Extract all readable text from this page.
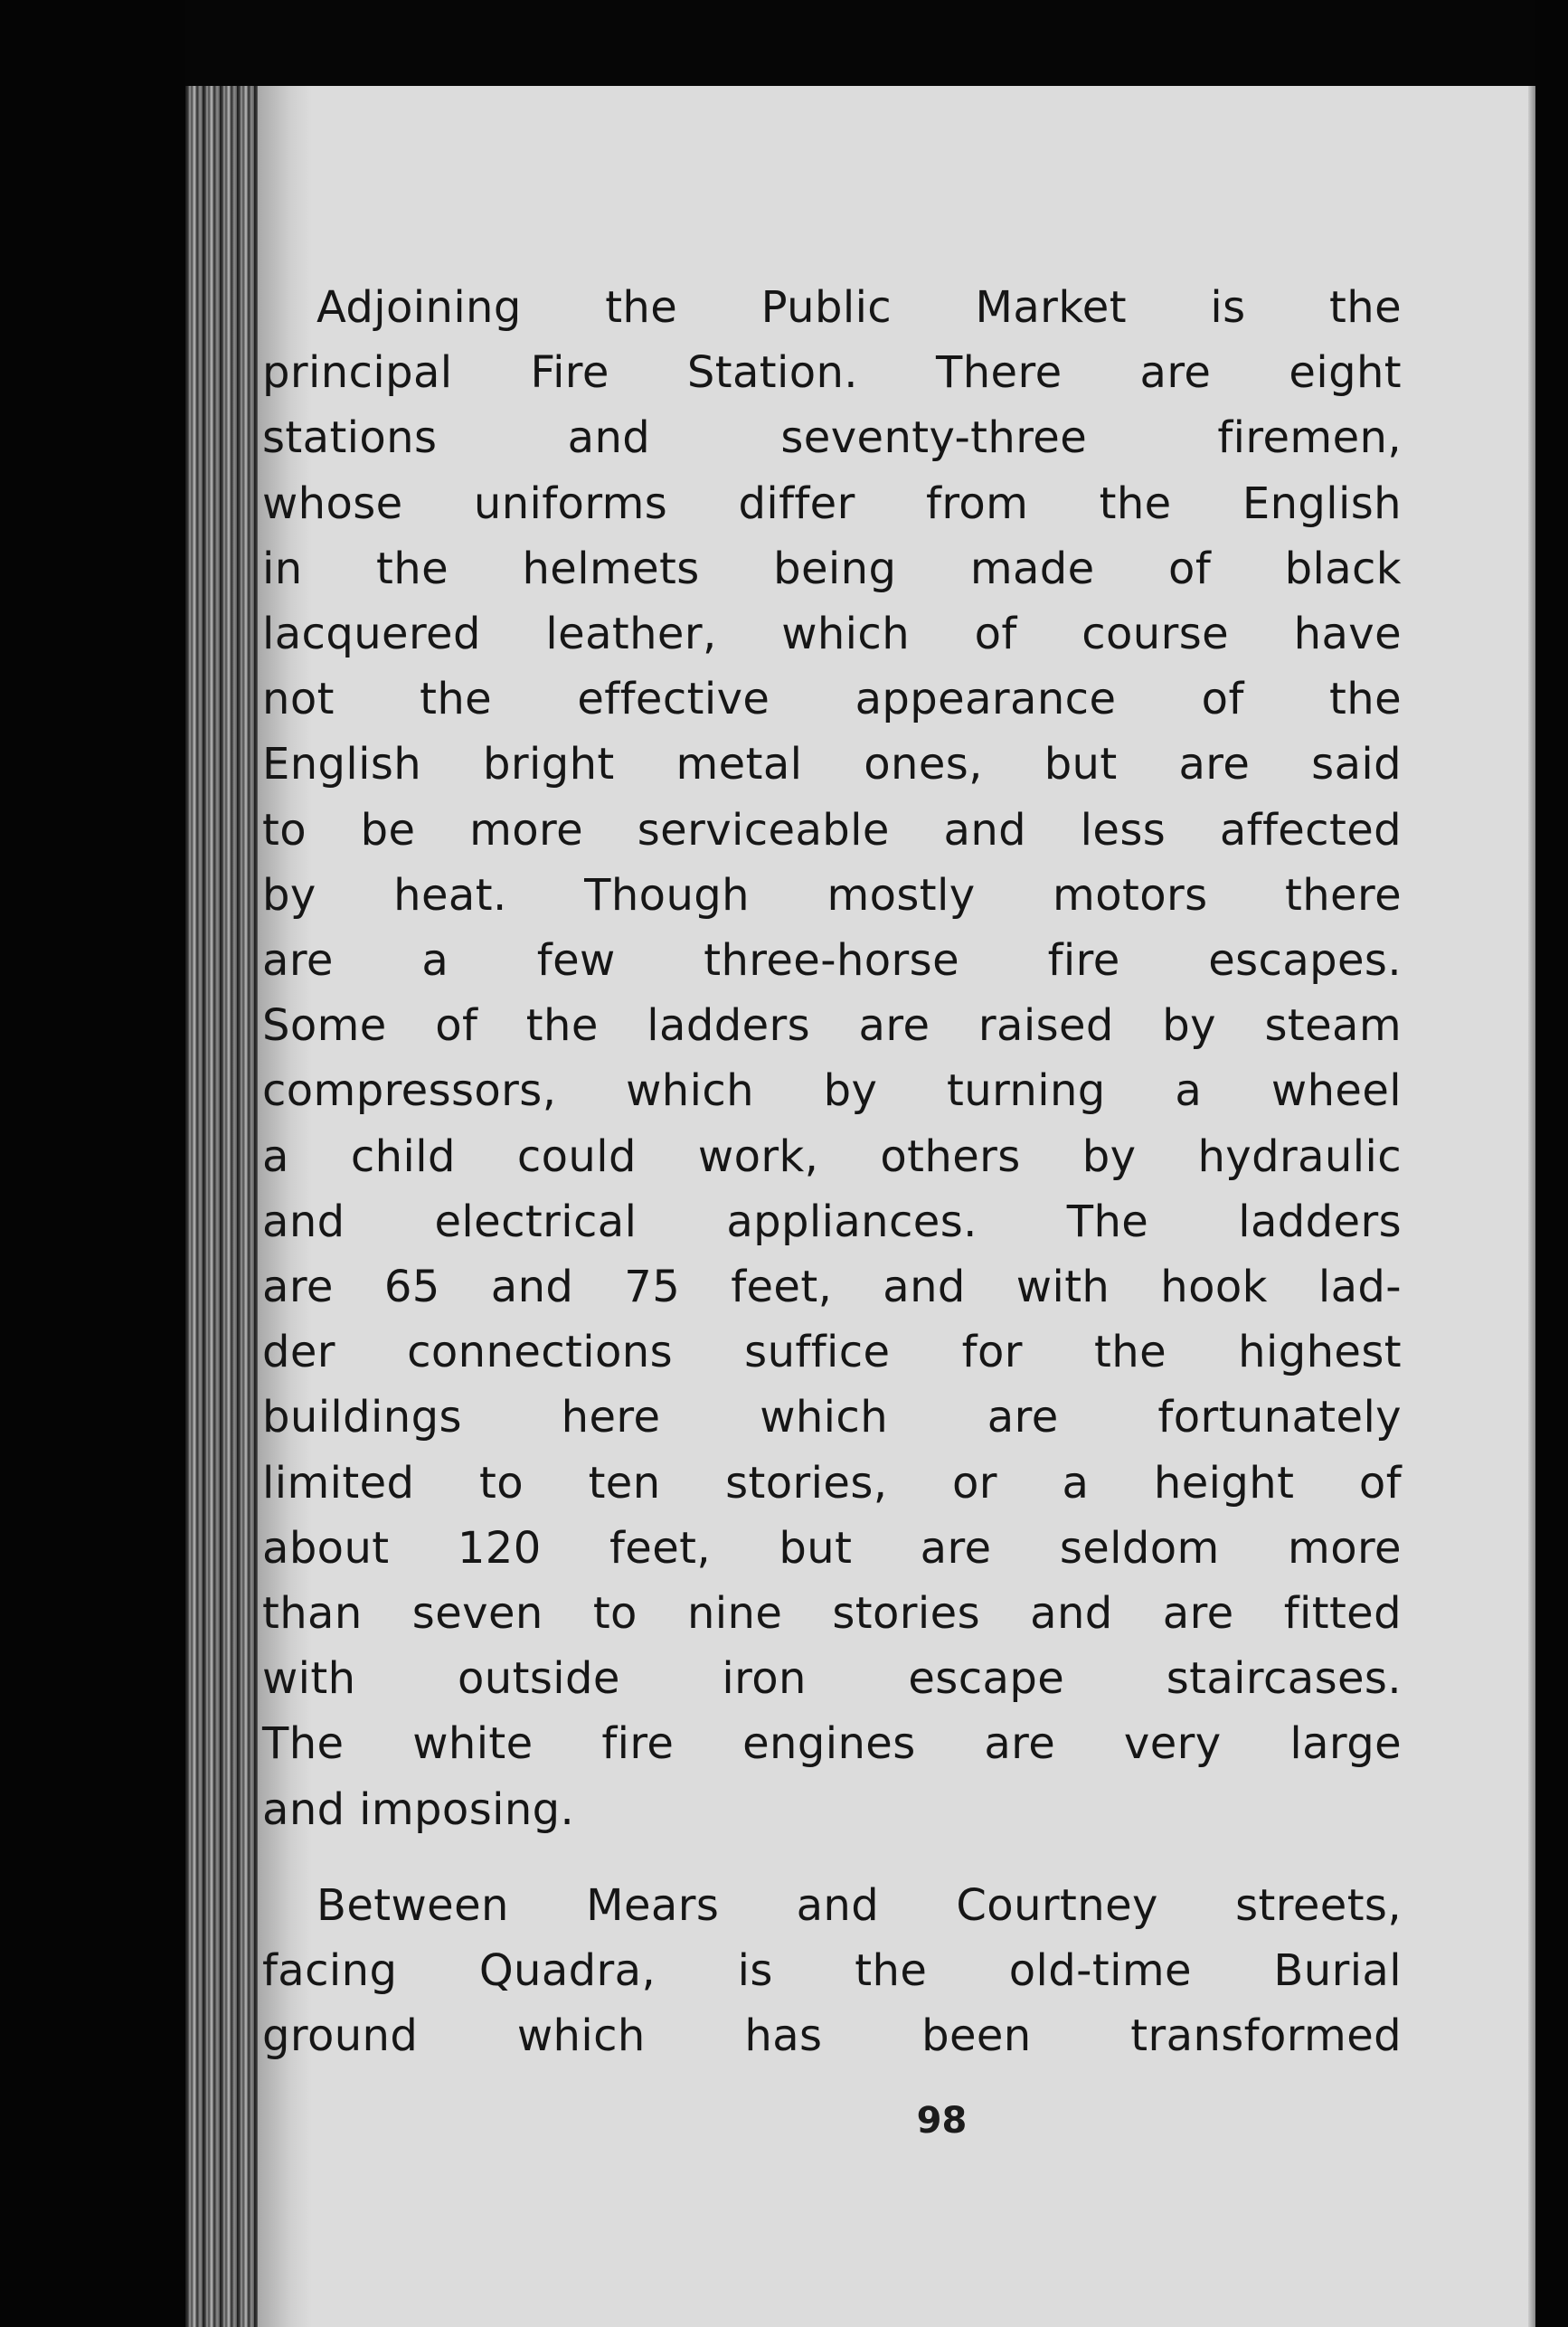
98
Adjoining the Public Market is the
principal Fire Station. There are eight
stations and seventy-three firemen,
whose uniforms differ from the English
in the helmets being made of black
lacquered leather, which of course have
not the effective appearance of the
English bright metal ones, but are said
to be more serviceable and less affected
by heat. Though mostly motors there
are a few three-horse fire escapes.
Some of the ladders are raised by steam
compressors, which by turning a wheel
a child could work, others by hydraulic
and electrical appliances. The ladders
are 65 and 75 feet, and with hook lad-
der connections suffice for the highest
buildings here which are fortunately
limited to ten stories, or a height of
about 120 feet, but are seldom more
than seven to nine stories and are fitted
with outside iron escape staircases.
The white fire engines are very large
and imposing.
Between Mears and Courtney streets,
facing Quadra, is the old-time Burial
ground which has been transformed
